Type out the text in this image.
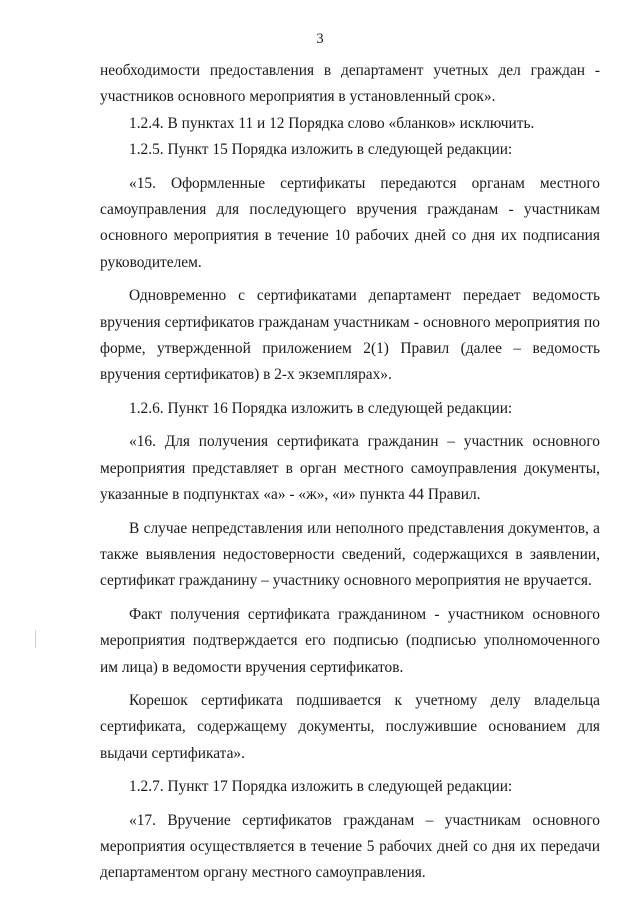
3

необходимости предоставления в департамент учетных дел граждан - участников основного мероприятия в установленный срок».

1.2.4. В пунктах 11 и 12 Порядка слово «бланков» исключить.

1.2.5. Пункт 15 Порядка изложить в следующей редакции:

«15. Оформленные сертификаты передаются органам местного самоуправления для последующего вручения гражданам - участникам основного мероприятия в течение 10 рабочих дней со дня их подписания руководителем.

Одновременно с сертификатами департамент передает ведомость вручения сертификатов гражданам участникам - основного мероприятия по форме, утвержденной приложением 2(1) Правил (далее – ведомость вручения сертификатов) в 2-х экземплярах».

1.2.6. Пункт 16 Порядка изложить в следующей редакции:

«16. Для получения сертификата гражданин – участник основного мероприятия представляет в орган местного самоуправления документы, указанные в подпунктах «а» - «ж», «и» пункта 44 Правил.

В случае непредставления или неполного представления документов, а также выявления недостоверности сведений, содержащихся в заявлении, сертификат гражданину – участнику основного мероприятия не вручается.

Факт получения сертификата гражданином - участником основного мероприятия подтверждается его подписью (подписью уполномоченного им лица) в ведомости вручения сертификатов.

Корешок сертификата подшивается к учетному делу владельца сертификата, содержащему документы, послужившие основанием для выдачи сертификата».

1.2.7. Пункт 17 Порядка изложить в следующей редакции:

«17. Вручение сертификатов гражданам – участникам основного мероприятия осуществляется в течение 5 рабочих дней со дня их передачи департаментом органу местного самоуправления.
